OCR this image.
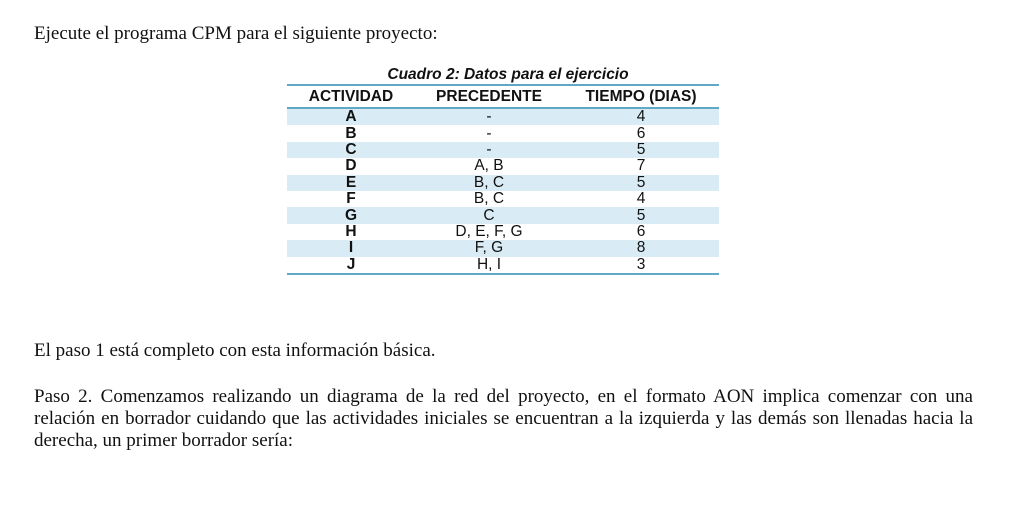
Ejecute el programa CPM para el siguiente proyecto:

Cuadro 2: Datos para el ejercicio
ACTIVIDAD	PRECEDENTE	TIEMPO (DIAS)
A	-	4
B	-	6
C	-	5
D	A, B	7
E	B, C	5
F	B, C	4
G	C	5
H	D, E, F, G	6
I	F, G	8
J	H, I	3

El paso 1 está completo con esta información básica.

Paso 2. Comenzamos realizando un diagrama de la red del proyecto, en el formato AON implica comenzar con una relación en borrador cuidando que las actividades iniciales se encuentran a la izquierda y las demás son llenadas hacia la derecha, un primer borrador sería:
